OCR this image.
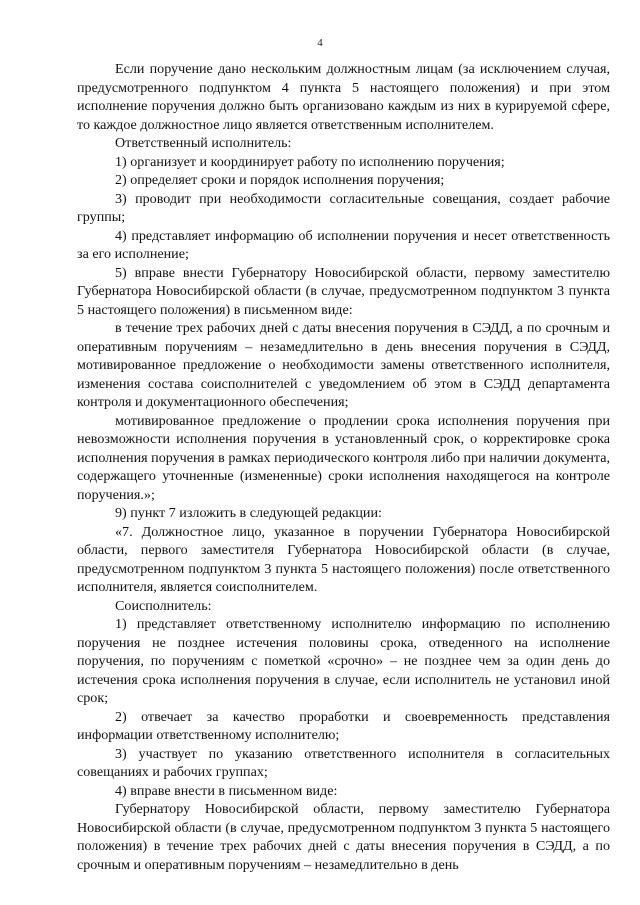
4

Если поручение дано нескольким должностным лицам (за исключением случая, предусмотренного подпунктом 4 пункта 5 настоящего положения) и при этом исполнение поручения должно быть организовано каждым из них в курируемой сфере, то каждое должностное лицо является ответственным исполнителем.

Ответственный исполнитель:

1) организует и координирует работу по исполнению поручения;

2) определяет сроки и порядок исполнения поручения;

3) проводит при необходимости согласительные совещания, создает рабочие группы;

4) представляет информацию об исполнении поручения и несет ответственность за его исполнение;

5) вправе внести Губернатору Новосибирской области, первому заместителю Губернатора Новосибирской области (в случае, предусмотренном подпунктом 3 пункта 5 настоящего положения) в письменном виде:

в течение трех рабочих дней с даты внесения поручения в СЭДД, а по срочным и оперативным поручениям – незамедлительно в день внесения поручения в СЭДД, мотивированное предложение о необходимости замены ответственного исполнителя, изменения состава соисполнителей с уведомлением об этом в СЭДД департамента контроля и документационного обеспечения;

мотивированное предложение о продлении срока исполнения поручения при невозможности исполнения поручения в установленный срок, о корректировке срока исполнения поручения в рамках периодического контроля либо при наличии документа, содержащего уточненные (измененные) сроки исполнения находящегося на контроле поручения.»;

9) пункт 7 изложить в следующей редакции:

«7. Должностное лицо, указанное в поручении Губернатора Новосибирской области, первого заместителя Губернатора Новосибирской области (в случае, предусмотренном подпунктом 3 пункта 5 настоящего положения) после ответственного исполнителя, является соисполнителем.

Соисполнитель:

1) представляет ответственному исполнителю информацию по исполнению поручения не позднее истечения половины срока, отведенного на исполнение поручения, по поручениям с пометкой «срочно» – не позднее чем за один день до истечения срока исполнения поручения в случае, если исполнитель не установил иной срок;

2) отвечает за качество проработки и своевременность представления информации ответственному исполнителю;

3) участвует по указанию ответственного исполнителя в согласительных совещаниях и рабочих группах;

4) вправе внести в письменном виде:

Губернатору Новосибирской области, первому заместителю Губернатора Новосибирской области (в случае, предусмотренном подпунктом 3 пункта 5 настоящего положения) в течение трех рабочих дней с даты внесения поручения в СЭДД, а по срочным и оперативным поручениям – незамедлительно в день
